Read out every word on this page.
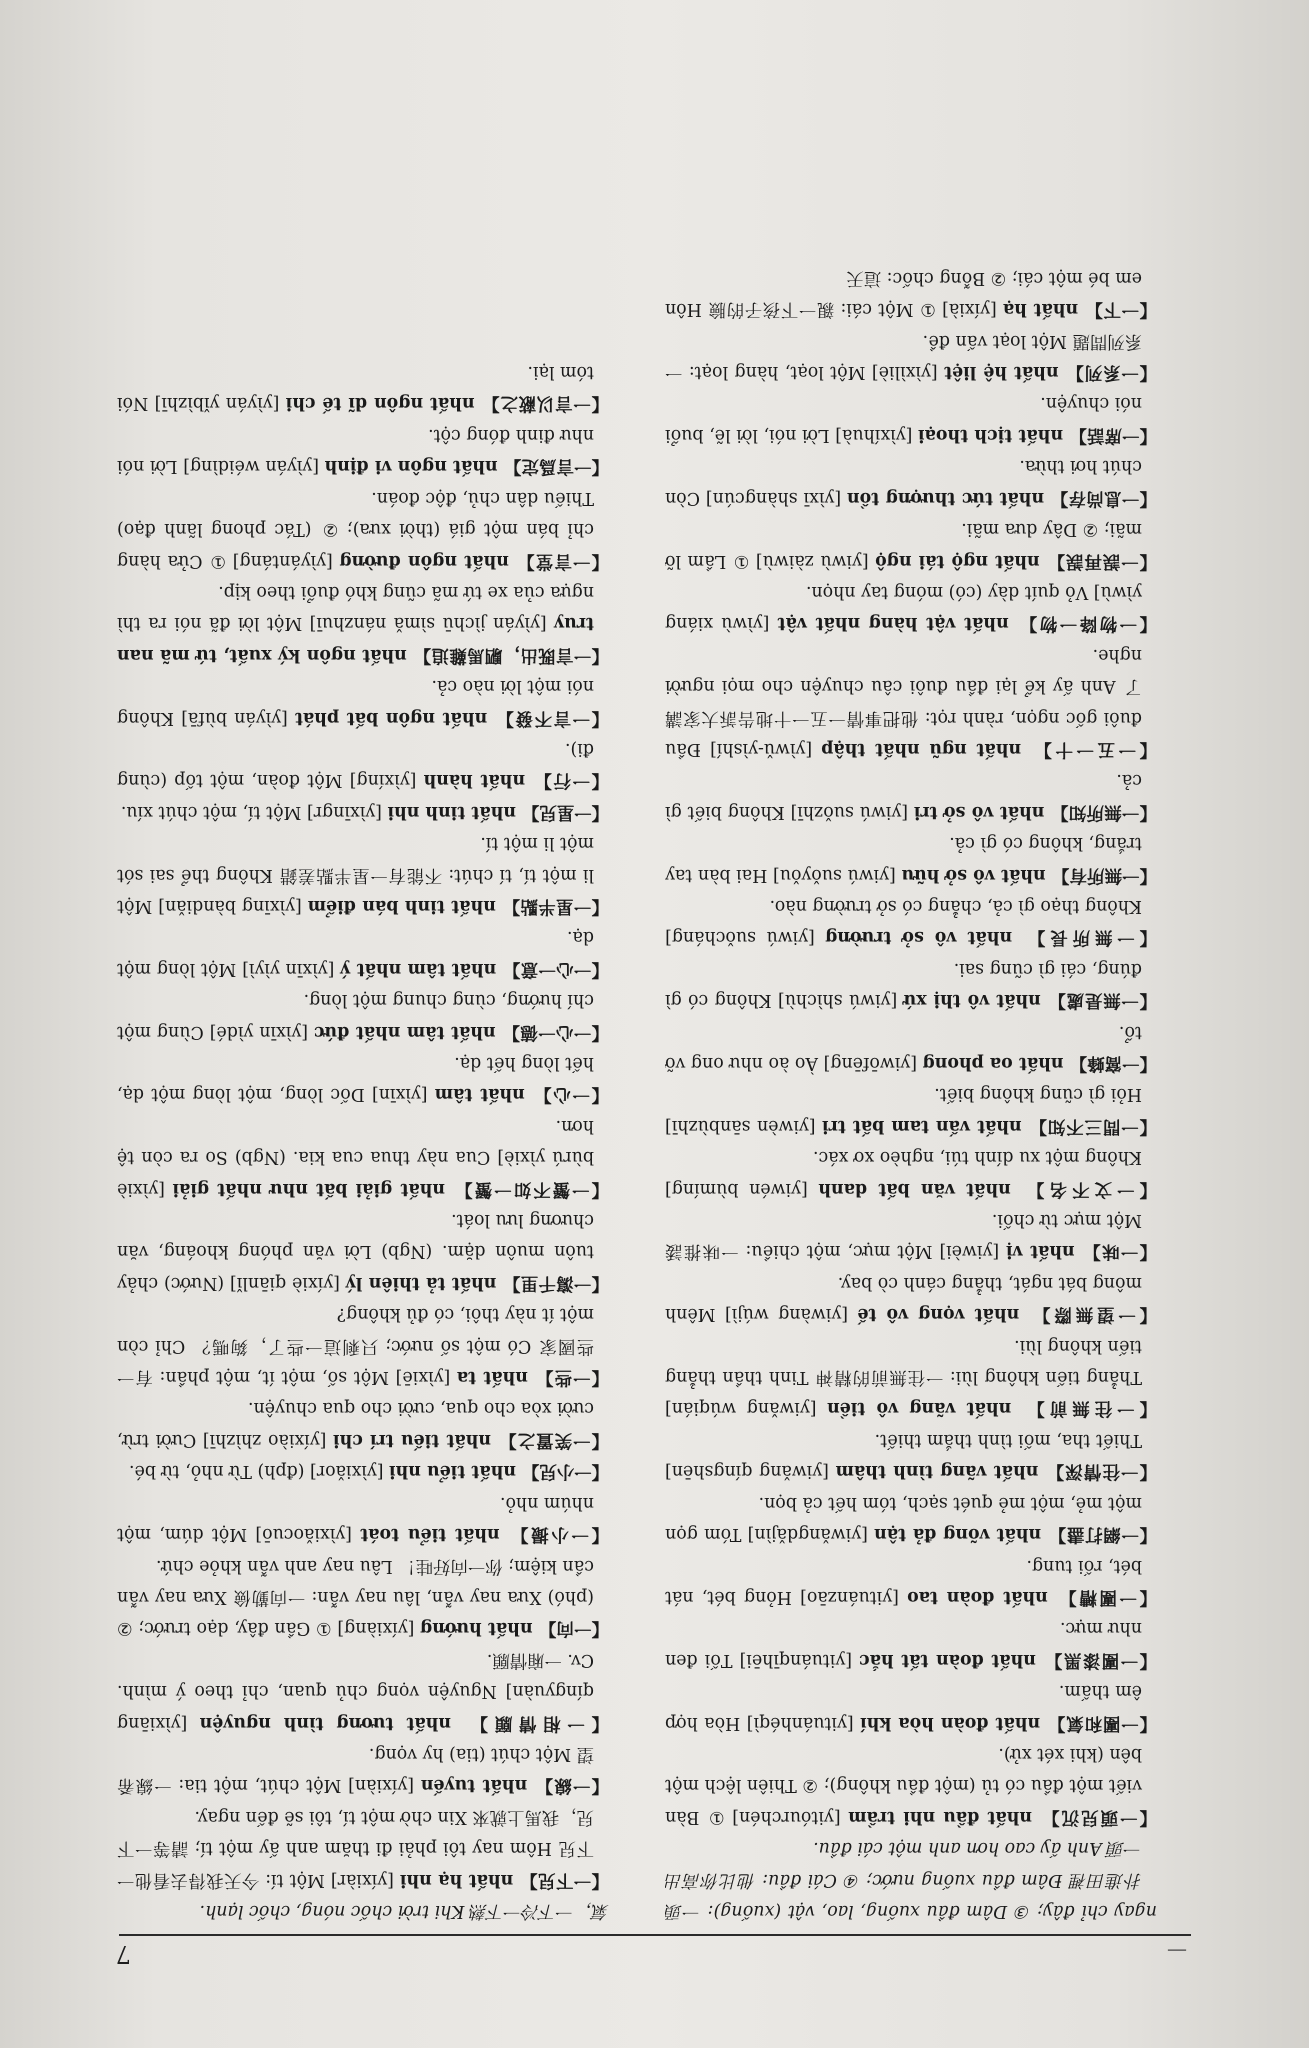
—
7

ngay chỉ đây; ③ Dâm đầu xuống, lao, vật (xuống): 一頭扑進田裡 Đâm đầu xuống nước; ④ Cái đầu: 他比你高出一頭 Anh ấy cao hơn anh một cái đầu.

【一頭兒沉】 nhất đầu nhi trầm [yitóurchén] ① Bàn viết một đầu có tủ (một đầu không); ② Thiên lệch một bên (khi xét xử).

【一團和氣】 nhất đoàn hòa khí [yituánhéqì] Hòa hợp êm thấm.

【一團漆黑】 nhất đoàn tất hắc [yituánqīhēi] Tối đen như mực.

【一團糟】 nhất đoàn tao [yituánzāo] Hỏng bét, nát bét, rối tung.

【一網打盡】 nhất võng đả tận [yiwǎngdǎjìn] Tóm gọn một mẻ, một mẻ quét sạch, tóm hết cả bọn.

【一往情深】 nhất vãng tình thâm [yiwǎng qíngshēn] Thiết tha, mối tình thắm thiết.

【一往無前】 nhất vãng vô tiền [yiwǎng wúqián] Thẳng tiến không lùi: 一往無前的精神 Tinh thần thẳng tiến không lùi.

【一望無際】 nhất vọng vô tế [yiwàng wújì] Mênh mông bát ngát, thẳng cánh cò bay.

【一味】 nhất vị [yiwèi] Một mực, một chiều: 一味推諉 Một mực từ chối.

【一文不名】 nhất văn bất danh [yiwén bùmíng] Không một xu dính túi, nghèo xơ xác.

【一問三不知】 nhất vấn tam bất tri [yiwèn sānbùzhī] Hỏi gì cũng không biết.

【一窩蜂】 nhất oa phong [yiwōfēng] Ào ào như ong vỡ tổ.

【一無是處】 nhất vô thị xứ [yiwú shìchù] Không có gì đúng, cái gì cũng sai.

【一無所長】 nhất vô sở trường [yiwú suǒcháng] Không thạo gì cả, chẳng có sở trường nào.

【一無所有】 nhất vô sở hữu [yiwú suǒyǒu] Hai bàn tay trắng, không có gì cả.

【一無所知】 nhất vô sở tri [yiwú suǒzhī] Không biết gì cả.

【一五一十】 nhất ngũ nhất thập [yìwǔ-yìshí] Đầu đuôi gốc ngọn, rành rọt: 他把事情一五一十地告訴大家講了 Anh ấy kể lại đầu đuôi câu chuyện cho mọi người nghe.

【一物降一物】 nhất vật hàng nhất vật [yìwù xiáng yìwù] Vỏ quít dày (có) móng tay nhọn.

【一誤再誤】 nhất ngộ tái ngộ [yiwù zàiwù] ① Lầm lỡ mãi; ② Dây dưa mãi.

【一息尚存】 nhất tức thượng tồn [yìxī shàngcún] Còn chút hơi thừa.

【一席話】 nhất tịch thoại [yìxíhuà] Lời nói, lời lẽ, buổi nói chuyện.

【一系列】 nhất hệ liệt [yìxìliè] Một loạt, hàng loạt: 一系列問題 Một loạt vấn đề.

【一下】 nhất hạ [yíxià] ① Một cái: 親一下孩子的臉 Hôn em bé một cái; ② Bỗng chốc: 這天

氣，一下冷一下熱 Khi trời chốc nóng, chốc lạnh.

【一下兒】 nhất hạ nhi [yíxiàr] Một tí: 今天我得去看他一下兒 Hôm nay tôi phải đi thăm anh ấy một tí; 請等一下兒，我馬上就來 Xin chờ một tí, tôi sẽ đến ngay.

【一線】 nhất tuyến [yíxiàn] Một chút, một tia: 一線希望 Một chút (tia) hy vọng.

【一相情願】 nhất tương tình nguyện [yìxiāng qíngyuàn] Nguyện vọng chủ quan, chỉ theo ý mình. Cv. 一廂情願.

【一向】 nhất hướng [yíxiàng] ① Gần đây, dạo trước; ② (phó) Xưa nay vẫn, lâu nay vẫn: 一向勤儉 Xưa nay vẫn cần kiệm; 你一向好哇！ Lâu nay anh vẫn khỏe chứ.

【一小撮】 nhất tiểu toát [yìxiǎocuō] Một dúm, một nhúm nhỏ.

【一小兒】 nhất tiểu nhi [yìxiǎor] (đph) Từ nhỏ, từ bé.

【一笑置之】 nhất tiếu trí chi [yíxiào zhìzhī] Cười trừ, cười xòa cho qua, cười cho qua chuyện.

【一些】 nhất ta [yìxiē] Một số, một ít, một phần: 有一些國家 Có một số nước; 只剩這一些了，夠嗎？ Chỉ còn một ít này thôi, có đủ không?

【一瀉千里】 nhất tả thiên lý [yíxiè qiānlǐ] (Nước) chảy tuôn muôn dặm. (Ngb) Lời văn phóng khoáng, văn chương lưu loát.

【一蟹不如一蟹】 nhất giải bất như nhất giải [yìxiè bùrú yìxiè] Cua này thua cua kia. (Ngb) So ra còn tệ hơn.

【一心】 nhất tâm [yìxīn] Dốc lòng, một lòng một dạ, hết lòng hết dạ.

【一心一德】 nhất tâm nhất đức [yìxīn yìdé] Cùng một chí hướng, cùng chung một lòng.

【一心一意】 nhất tâm nhất ý [yìxīn yìyì] Một lòng một dạ.

【一星半點】 nhất tinh bán điểm [yìxīng bàndiǎn] Một li một tí, tí chút: 不能有一星半點差錯 Không thể sai sót một li một tí.

【一星兒】 nhất tinh nhi [yìxīngr] Một tí, một chút xíu.

【一行】 nhất hành [yìxíng] Một đoàn, một tốp (cùng đi).

【一言不發】 nhất ngôn bất phát [yìyán bùfā] Không nói một lời nào cả.

【一言既出，駟馬難追】 nhất ngôn ký xuất, tứ mã nan truy [yìyán jìchū sìmǎ nánzhuī] Một lời đã nói ra thì ngựa của xe tứ mã cũng khó đuổi theo kịp.

【一言堂】 nhất ngôn đường [yìyántáng] ① Cửa hàng chỉ bán một giá (thời xưa); ② (Tác phong lãnh đạo) Thiếu dân chủ, độc đoán.

【一言爲定】 nhất ngôn vi định [yìyán wéidìng] Lời nói như đinh đóng cột.

【一言以蔽之】 nhất ngôn dĩ tế chi [yìyán yǐbìzhī] Nói tóm lại.
